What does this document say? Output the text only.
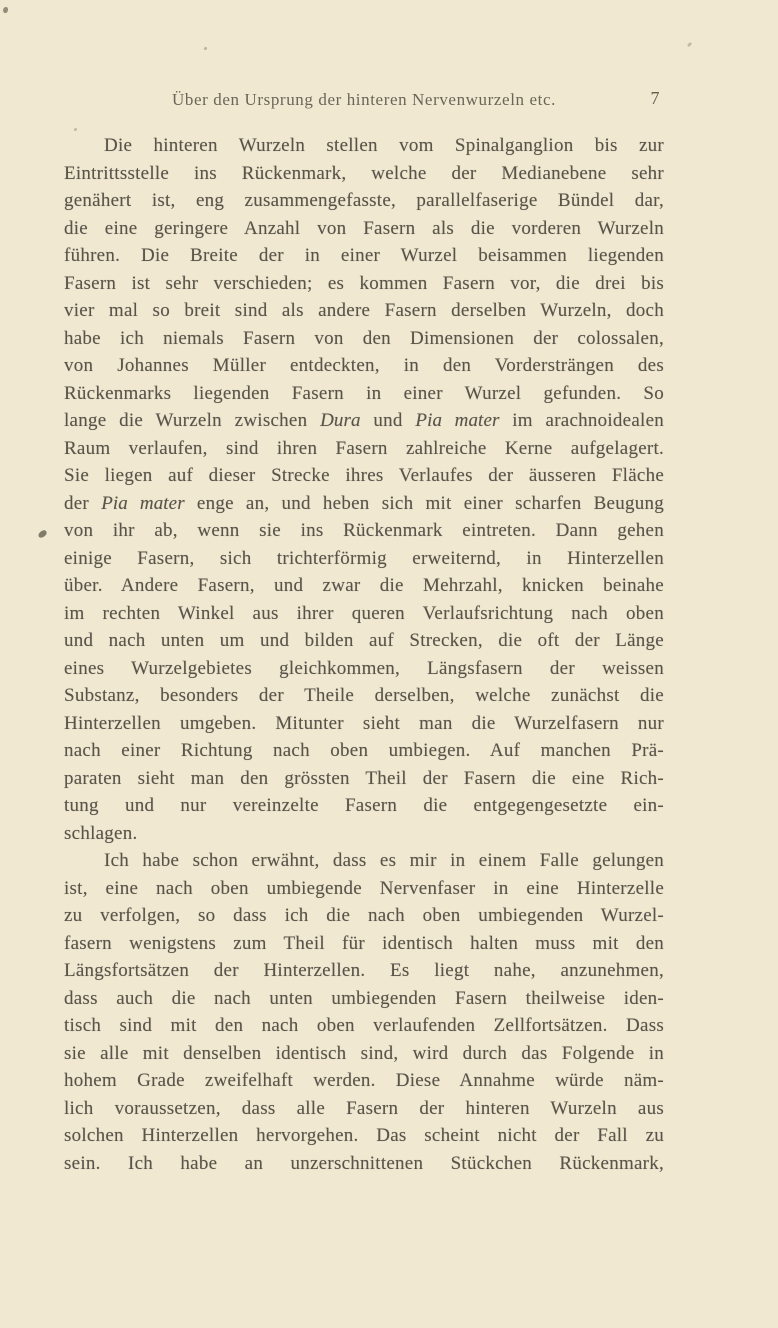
Über den Ursprung der hinteren Nervenwurzeln etc.	7
Die hinteren Wurzeln stellen vom Spinalganglion bis zur
Eintrittsstelle ins Rückenmark, welche der Medianebene sehr
genähert ist, eng zusammengefasste, parallelfaserige Bündel dar,
die eine geringere Anzahl von Fasern als die vorderen Wurzeln
führen. Die Breite der in einer Wurzel beisammen liegenden
Fasern ist sehr verschieden; es kommen Fasern vor, die drei bis
vier mal so breit sind als andere Fasern derselben Wurzeln, doch
habe ich niemals Fasern von den Dimensionen der colossalen,
von Johannes Müller entdeckten, in den Vordersträngen des
Rückenmarks liegenden Fasern in einer Wurzel gefunden. So
lange die Wurzeln zwischen Dura und Pia mater im arachnoidealen
Raum verlaufen, sind ihren Fasern zahlreiche Kerne aufgelagert.
Sie liegen auf dieser Strecke ihres Verlaufes der äusseren Fläche
der Pia mater enge an, und heben sich mit einer scharfen Beugung
von ihr ab, wenn sie ins Rückenmark eintreten. Dann gehen
einige Fasern, sich trichterförmig erweiternd, in Hinterzellen
über. Andere Fasern, und zwar die Mehrzahl, knicken beinahe
im rechten Winkel aus ihrer queren Verlaufsrichtung nach oben
und nach unten um und bilden auf Strecken, die oft der Länge
eines Wurzelgebietes gleichkommen, Längsfasern der weissen
Substanz, besonders der Theile derselben, welche zunächst die
Hinterzellen umgeben. Mitunter sieht man die Wurzelfasern nur
nach einer Richtung nach oben umbiegen. Auf manchen Prä-
paraten sieht man den grössten Theil der Fasern die eine Rich-
tung und nur vereinzelte Fasern die entgegengesetzte ein-
schlagen.
Ich habe schon erwähnt, dass es mir in einem Falle gelungen
ist, eine nach oben umbiegende Nervenfaser in eine Hinterzelle
zu verfolgen, so dass ich die nach oben umbiegenden Wurzel-
fasern wenigstens zum Theil für identisch halten muss mit den
Längsfortsätzen der Hinterzellen. Es liegt nahe, anzunehmen,
dass auch die nach unten umbiegenden Fasern theilweise iden-
tisch sind mit den nach oben verlaufenden Zellfortsätzen. Dass
sie alle mit denselben identisch sind, wird durch das Folgende in
hohem Grade zweifelhaft werden. Diese Annahme würde näm-
lich voraussetzen, dass alle Fasern der hinteren Wurzeln aus
solchen Hinterzellen hervorgehen. Das scheint nicht der Fall zu
sein. Ich habe an unzerschnittenen Stückchen Rückenmark,
